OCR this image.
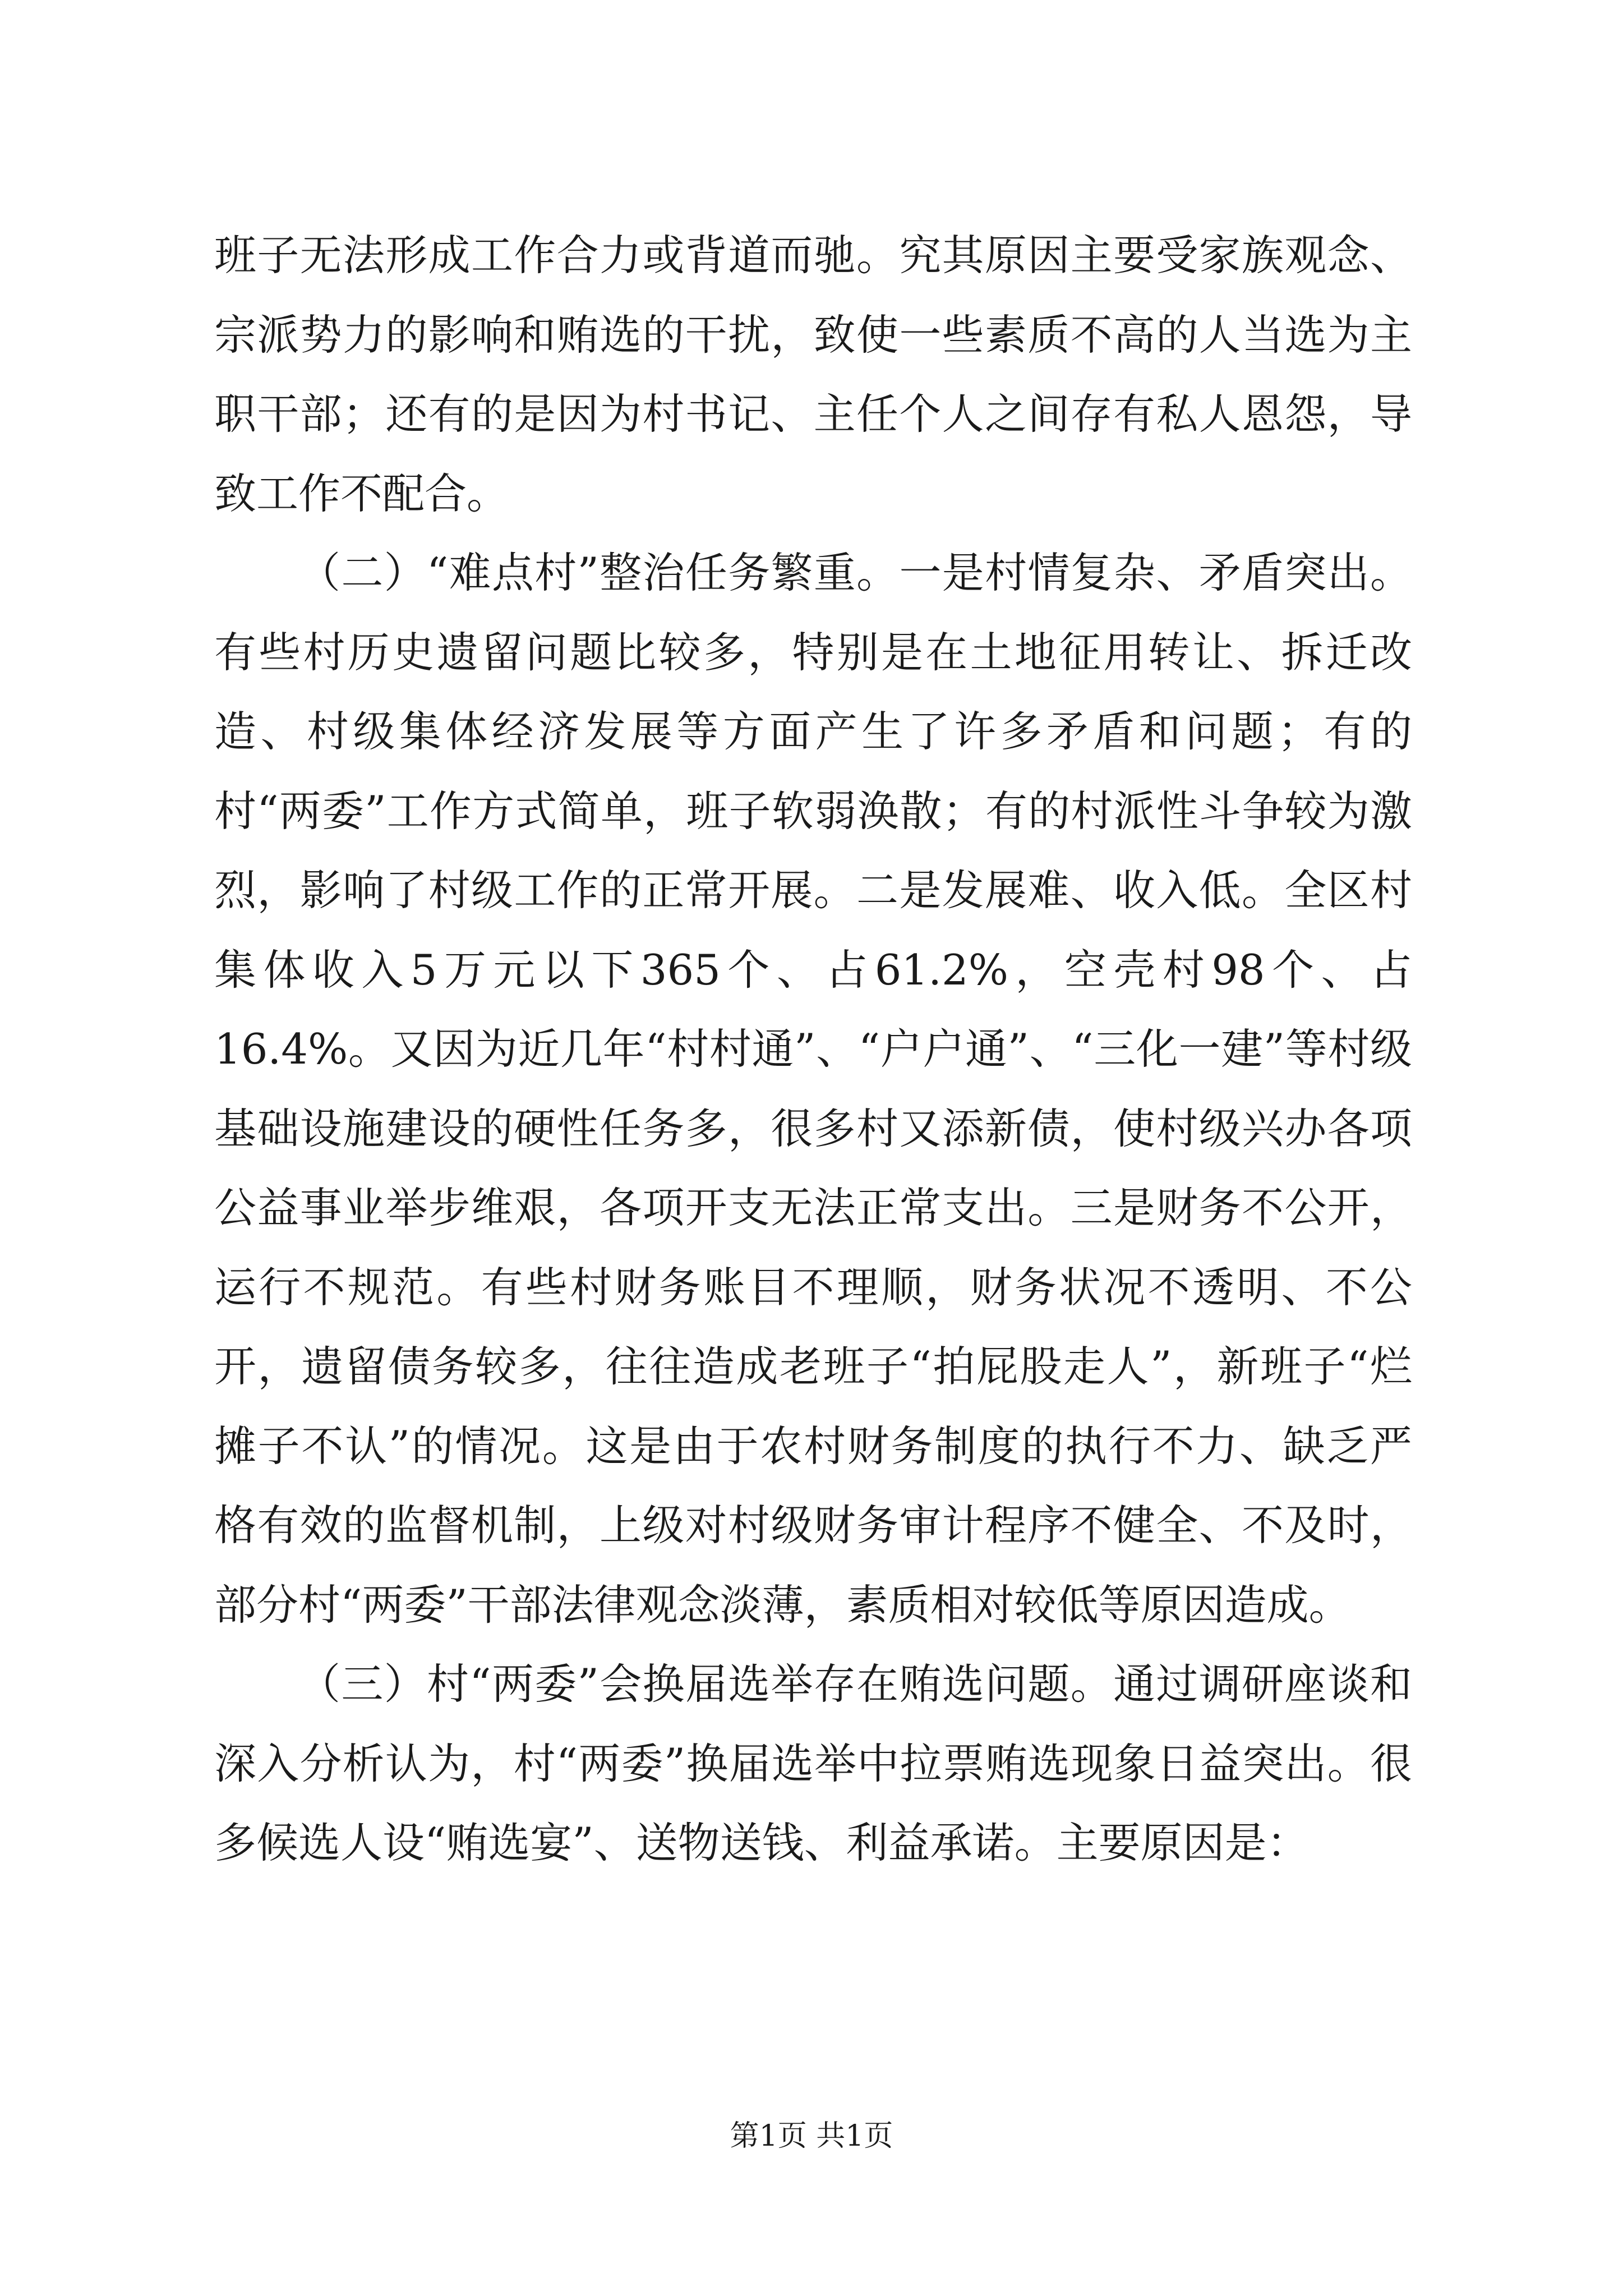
班子无法形成工作合力或背道而驰。究其原因主要受家族观念、宗派势力的影响和贿选的干扰，致使一些素质不高的人当选为主职干部；还有的是因为村书记、主任个人之间存有私人恩怨，导致工作不配合。

（二）“难点村”整治任务繁重。一是村情复杂、矛盾突出。有些村历史遗留问题比较多，特别是在土地征用转让、拆迁改造、村级集体经济发展等方面产生了许多矛盾和问题；有的村“两委”工作方式简单，班子软弱涣散；有的村派性斗争较为激烈，影响了村级工作的正常开展。二是发展难、收入低。全区村集体收入5万元以下365个、占61.2%，空壳村98个、占16.4%。又因为近几年“村村通”、“户户通”、“三化一建”等村级基础设施建设的硬性任务多，很多村又添新债，使村级兴办各项公益事业举步维艰，各项开支无法正常支出。三是财务不公开，运行不规范。有些村财务账目不理顺，财务状况不透明、不公开，遗留债务较多，往往造成老班子“拍屁股走人”，新班子“烂摊子不认”的情况。这是由于农村财务制度的执行不力、缺乏严格有效的监督机制，上级对村级财务审计程序不健全、不及时，部分村“两委”干部法律观念淡薄，素质相对较低等原因造成。

（三）村“两委”会换届选举存在贿选问题。通过调研座谈和深入分析认为，村“两委”换届选举中拉票贿选现象日益突出。很多候选人设“贿选宴”、送物送钱、利益承诺。主要原因是：

第1页 共1页
